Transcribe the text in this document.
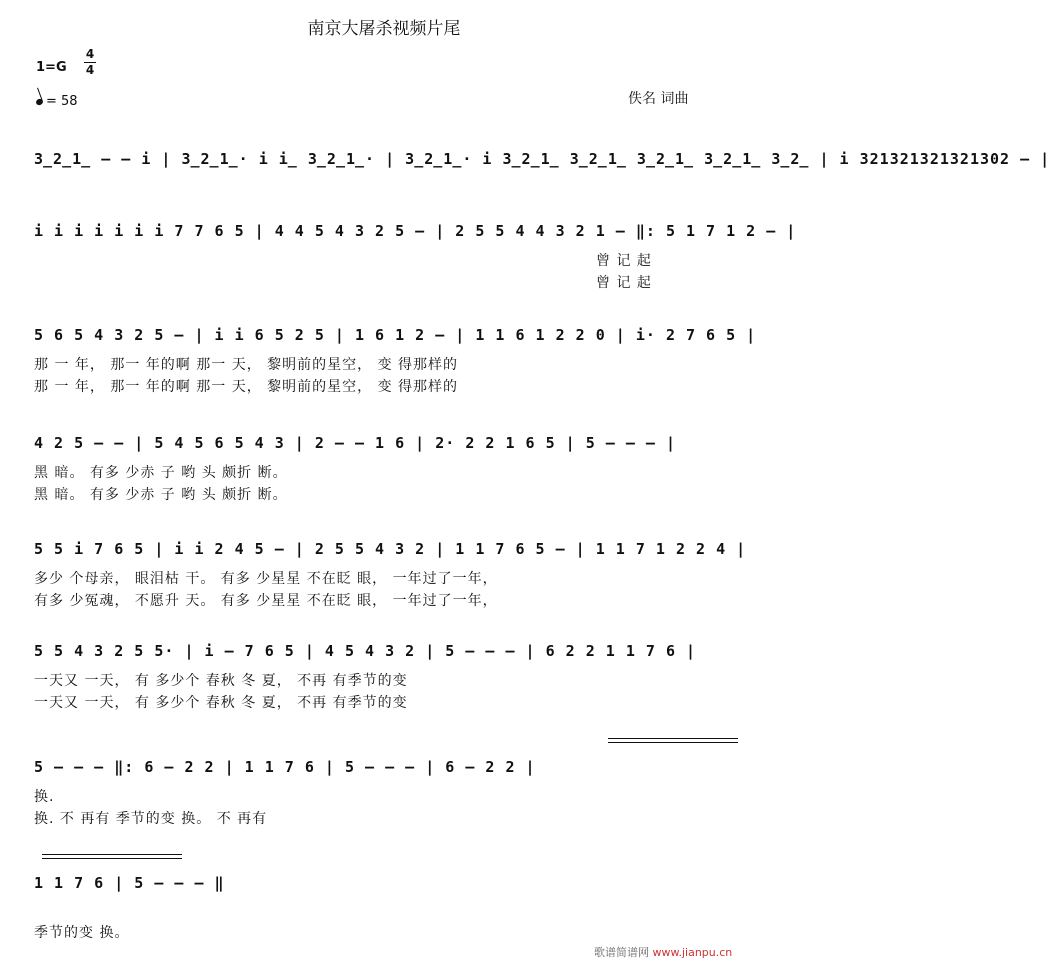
南京大屠杀视频片尾
1=G
4
4
= 58	佚名 词曲
3̲2̲1̲ – – i | 3̲2̲1̲· i i̲ 3̲2̲1̲· | 3̲2̲1̲· i 3̲2̲1̲ 3̲2̲1̲ 3̲2̲1̲ 3̲2̲1̲ 3̲2̲ | i 321321321321302 – |
i i i i i i i 7 7 6 5 | 4 4 5 4 3 2 5 – | 2 5 5 4 4 3 2 1 – ‖: 5 1 7 1 2 – |
曾 记 起
曾 记 起
5 6 5 4 3 2 5 – | i i 6 5 2 5 | 1 6 1 2 – | 1 1 6 1 2 2 0 | i· 2 7 6 5 |
那 一 年， 那一 年的啊 那一 天， 黎明前的星空， 变 得那样的
那 一 年， 那一 年的啊 那一 天， 黎明前的星空， 变 得那样的
4 2 5 – – | 5 4 5 6 5 4 3 | 2 – – 1 6 | 2· 2 2 1 6 5 | 5 – – – |
黑 暗。 有多 少赤 子 哟 头 颇折 断。
黑 暗。 有多 少赤 子 哟 头 颇折 断。
5 5 i 7 6 5 | i i 2 4 5 – | 2 5 5 4 3 2 | 1 1 7 6 5 – | 1 1 7 1 2 2 4 |
多少 个母亲， 眼泪枯 干。 有多 少星星 不在眨 眼， 一年过了一年，
有多 少冤魂， 不愿升 天。 有多 少星星 不在眨 眼， 一年过了一年，
5 5 4 3 2 5 5· | i – 7 6 5 | 4 5 4 3 2 | 5 – – – | 6 2 2 1 1 7 6 |
一天又 一天， 有 多少个 春秋 冬 夏， 不再 有季节的变
一天又 一天， 有 多少个 春秋 冬 夏， 不再 有季节的变
5 – – – ‖: 6 – 2 2 | 1 1 7 6 | 5 – – – | 6 – 2 2 |
换.
换. 不 再有 季节的变 换。 不 再有
1 1 7 6 | 5 – – – ‖
季节的变 换。
歌谱简谱网 www.jianpu.cn
